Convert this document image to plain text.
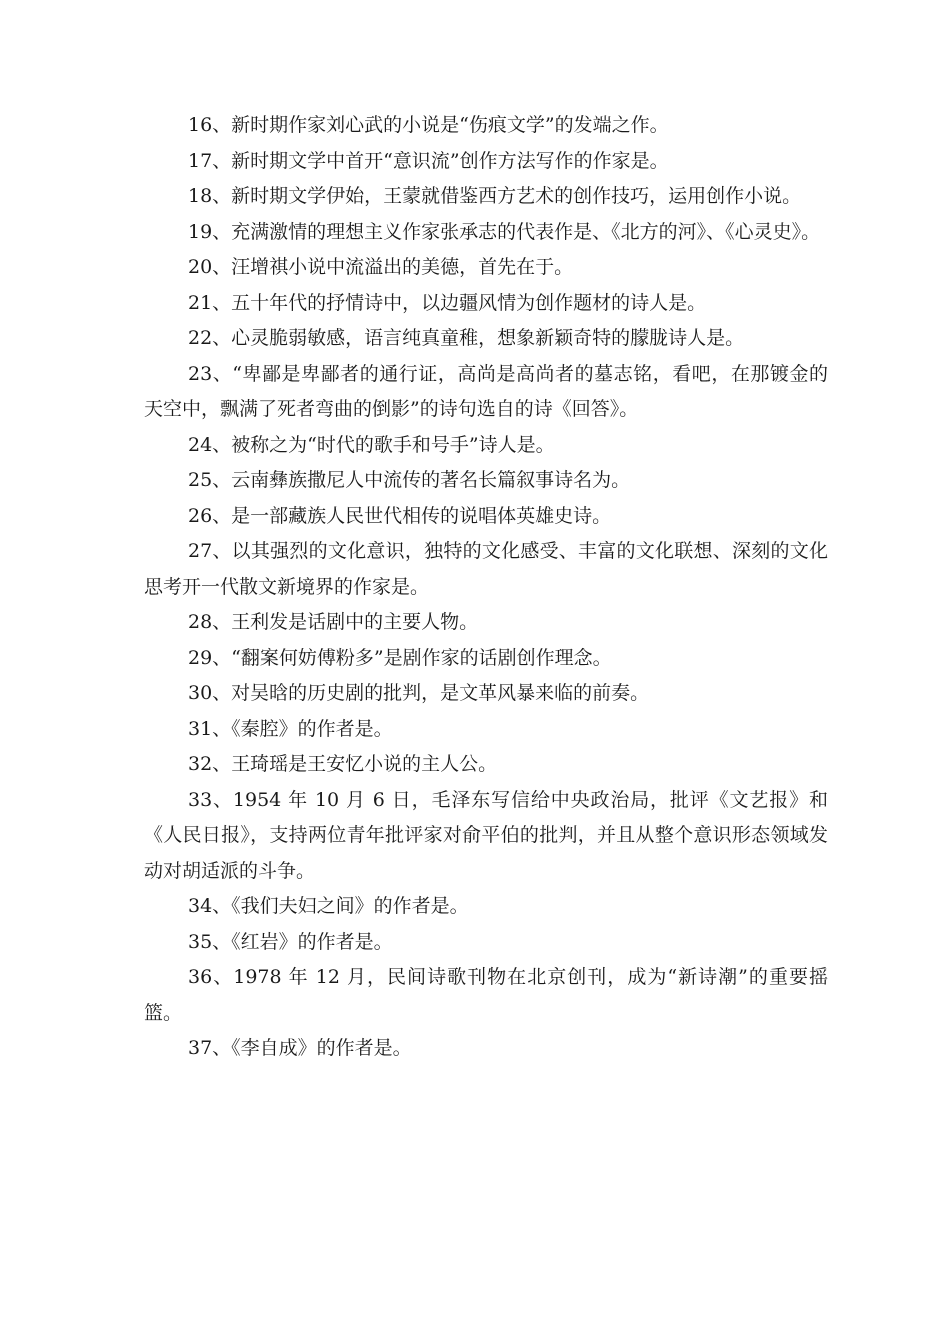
16、新时期作家刘心武的小说是“伤痕文学”的发端之作。

17、新时期文学中首开“意识流”创作方法写作的作家是。

18、新时期文学伊始，王蒙就借鉴西方艺术的创作技巧，运用创作小说。

19、充满激情的理想主义作家张承志的代表作是、《北方的河》、《心灵史》。

20、汪增祺小说中流溢出的美德，首先在于。

21、五十年代的抒情诗中，以边疆风情为创作题材的诗人是。

22、心灵脆弱敏感，语言纯真童稚，想象新颖奇特的朦胧诗人是。

23、“卑鄙是卑鄙者的通行证，高尚是高尚者的墓志铭，看吧，在那镀金的天空中，飘满了死者弯曲的倒影”的诗句选自的诗《回答》。

24、被称之为“时代的歌手和号手”诗人是。

25、云南彝族撒尼人中流传的著名长篇叙事诗名为。

26、是一部藏族人民世代相传的说唱体英雄史诗。

27、以其强烈的文化意识，独特的文化感受、丰富的文化联想、深刻的文化思考开一代散文新境界的作家是。

28、王利发是话剧中的主要人物。

29、“翻案何妨傅粉多”是剧作家的话剧创作理念。

30、对吴晗的历史剧的批判，是文革风暴来临的前奏。

31、《秦腔》的作者是。

32、王琦瑶是王安忆小说的主人公。

33、1954 年 10 月 6 日，毛泽东写信给中央政治局，批评《文艺报》和《人民日报》，支持两位青年批评家对俞平伯的批判，并且从整个意识形态领域发动对胡适派的斗争。

34、《我们夫妇之间》的作者是。

35、《红岩》的作者是。

36、1978 年 12 月，民间诗歌刊物在北京创刊，成为“新诗潮”的重要摇篮。

37、《李自成》的作者是。
